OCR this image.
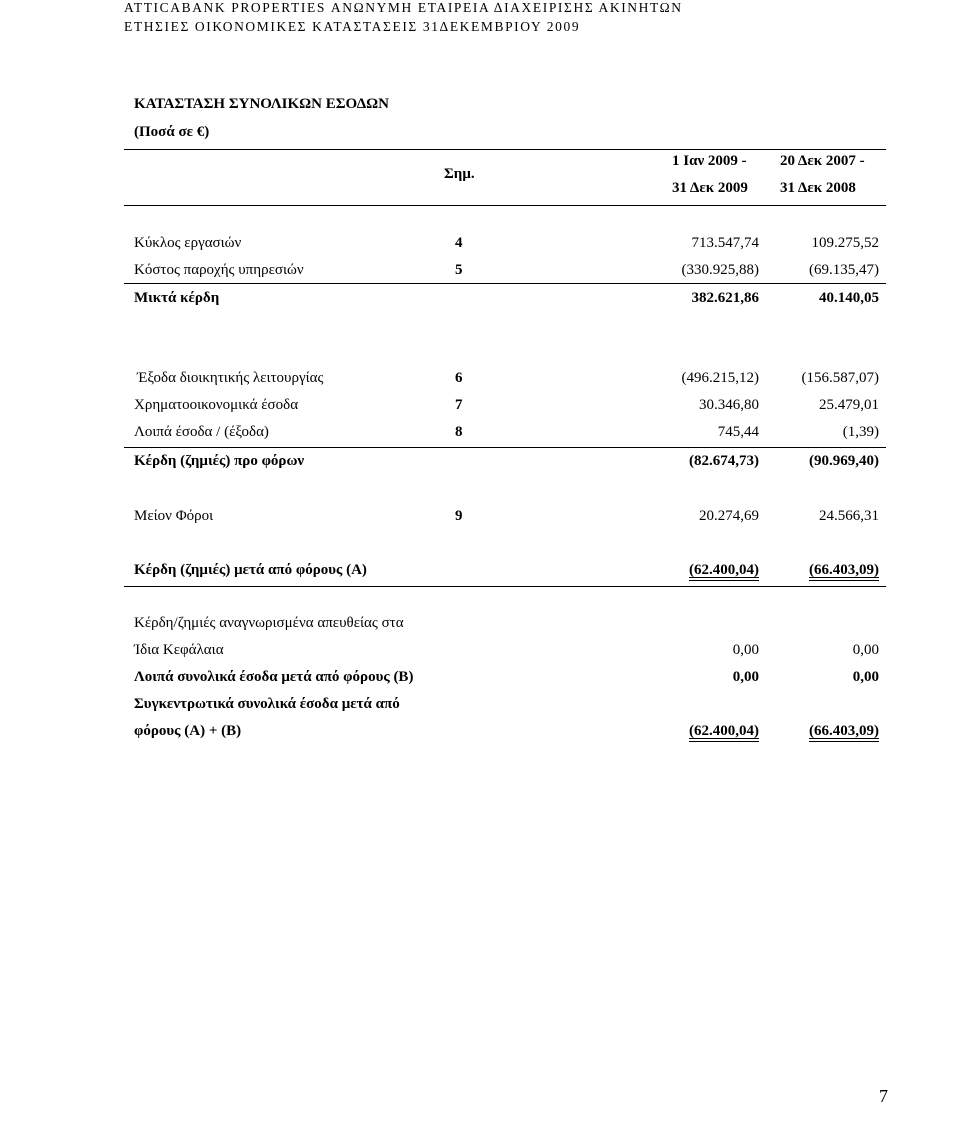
ATTICABANK PROPERTIES ΑΝΩΝΥΜΗ ΕΤΑΙΡΕΙΑ ΔΙΑΧΕΙΡΙΣΗΣ ΑΚΙΝΗΤΩΝ
ΕΤΗΣΙΕΣ ΟΙΚΟΝΟΜΙΚΕΣ ΚΑΤΑΣΤΑΣΕΙΣ 31ΔΕΚΕΜΒΡΙΟΥ 2009
ΚΑΤΑΣΤΑΣΗ ΣΥΝΟΛΙΚΩΝ ΕΣΟΔΩΝ
(Ποσά σε €)
Σημ.
1 Ιαν 2009 -
31 Δεκ 2009
20 Δεκ 2007 -
31 Δεκ 2008
Κύκλος εργασιών	4	713.547,74	109.275,52
Κόστος παροχής υπηρεσιών	5	(330.925,88)	(69.135,47)
Μικτά κέρδη	382.621,86	40.140,05
Έξοδα διοικητικής λειτουργίας	6	(496.215,12)	(156.587,07)
Χρηματοοικονομικά έσοδα	7	30.346,80	25.479,01
Λοιπά έσοδα / (έξοδα)	8	745,44	(1,39)
Κέρδη (ζημιές) προ φόρων	(82.674,73)	(90.969,40)
Μείον Φόροι	9	20.274,69	24.566,31
Κέρδη (ζημιές) μετά από φόρους (Α)	(62.400,04)	(66.403,09)
Κέρδη/ζημιές αναγνωρισμένα απευθείας στα
Ίδια Κεφάλαια	0,00	0,00
Λοιπά συνολικά έσοδα μετά από φόρους (Β)	0,00	0,00
Συγκεντρωτικά συνολικά έσοδα μετά από
φόρους (Α) + (Β)	(62.400,04)	(66.403,09)
7
